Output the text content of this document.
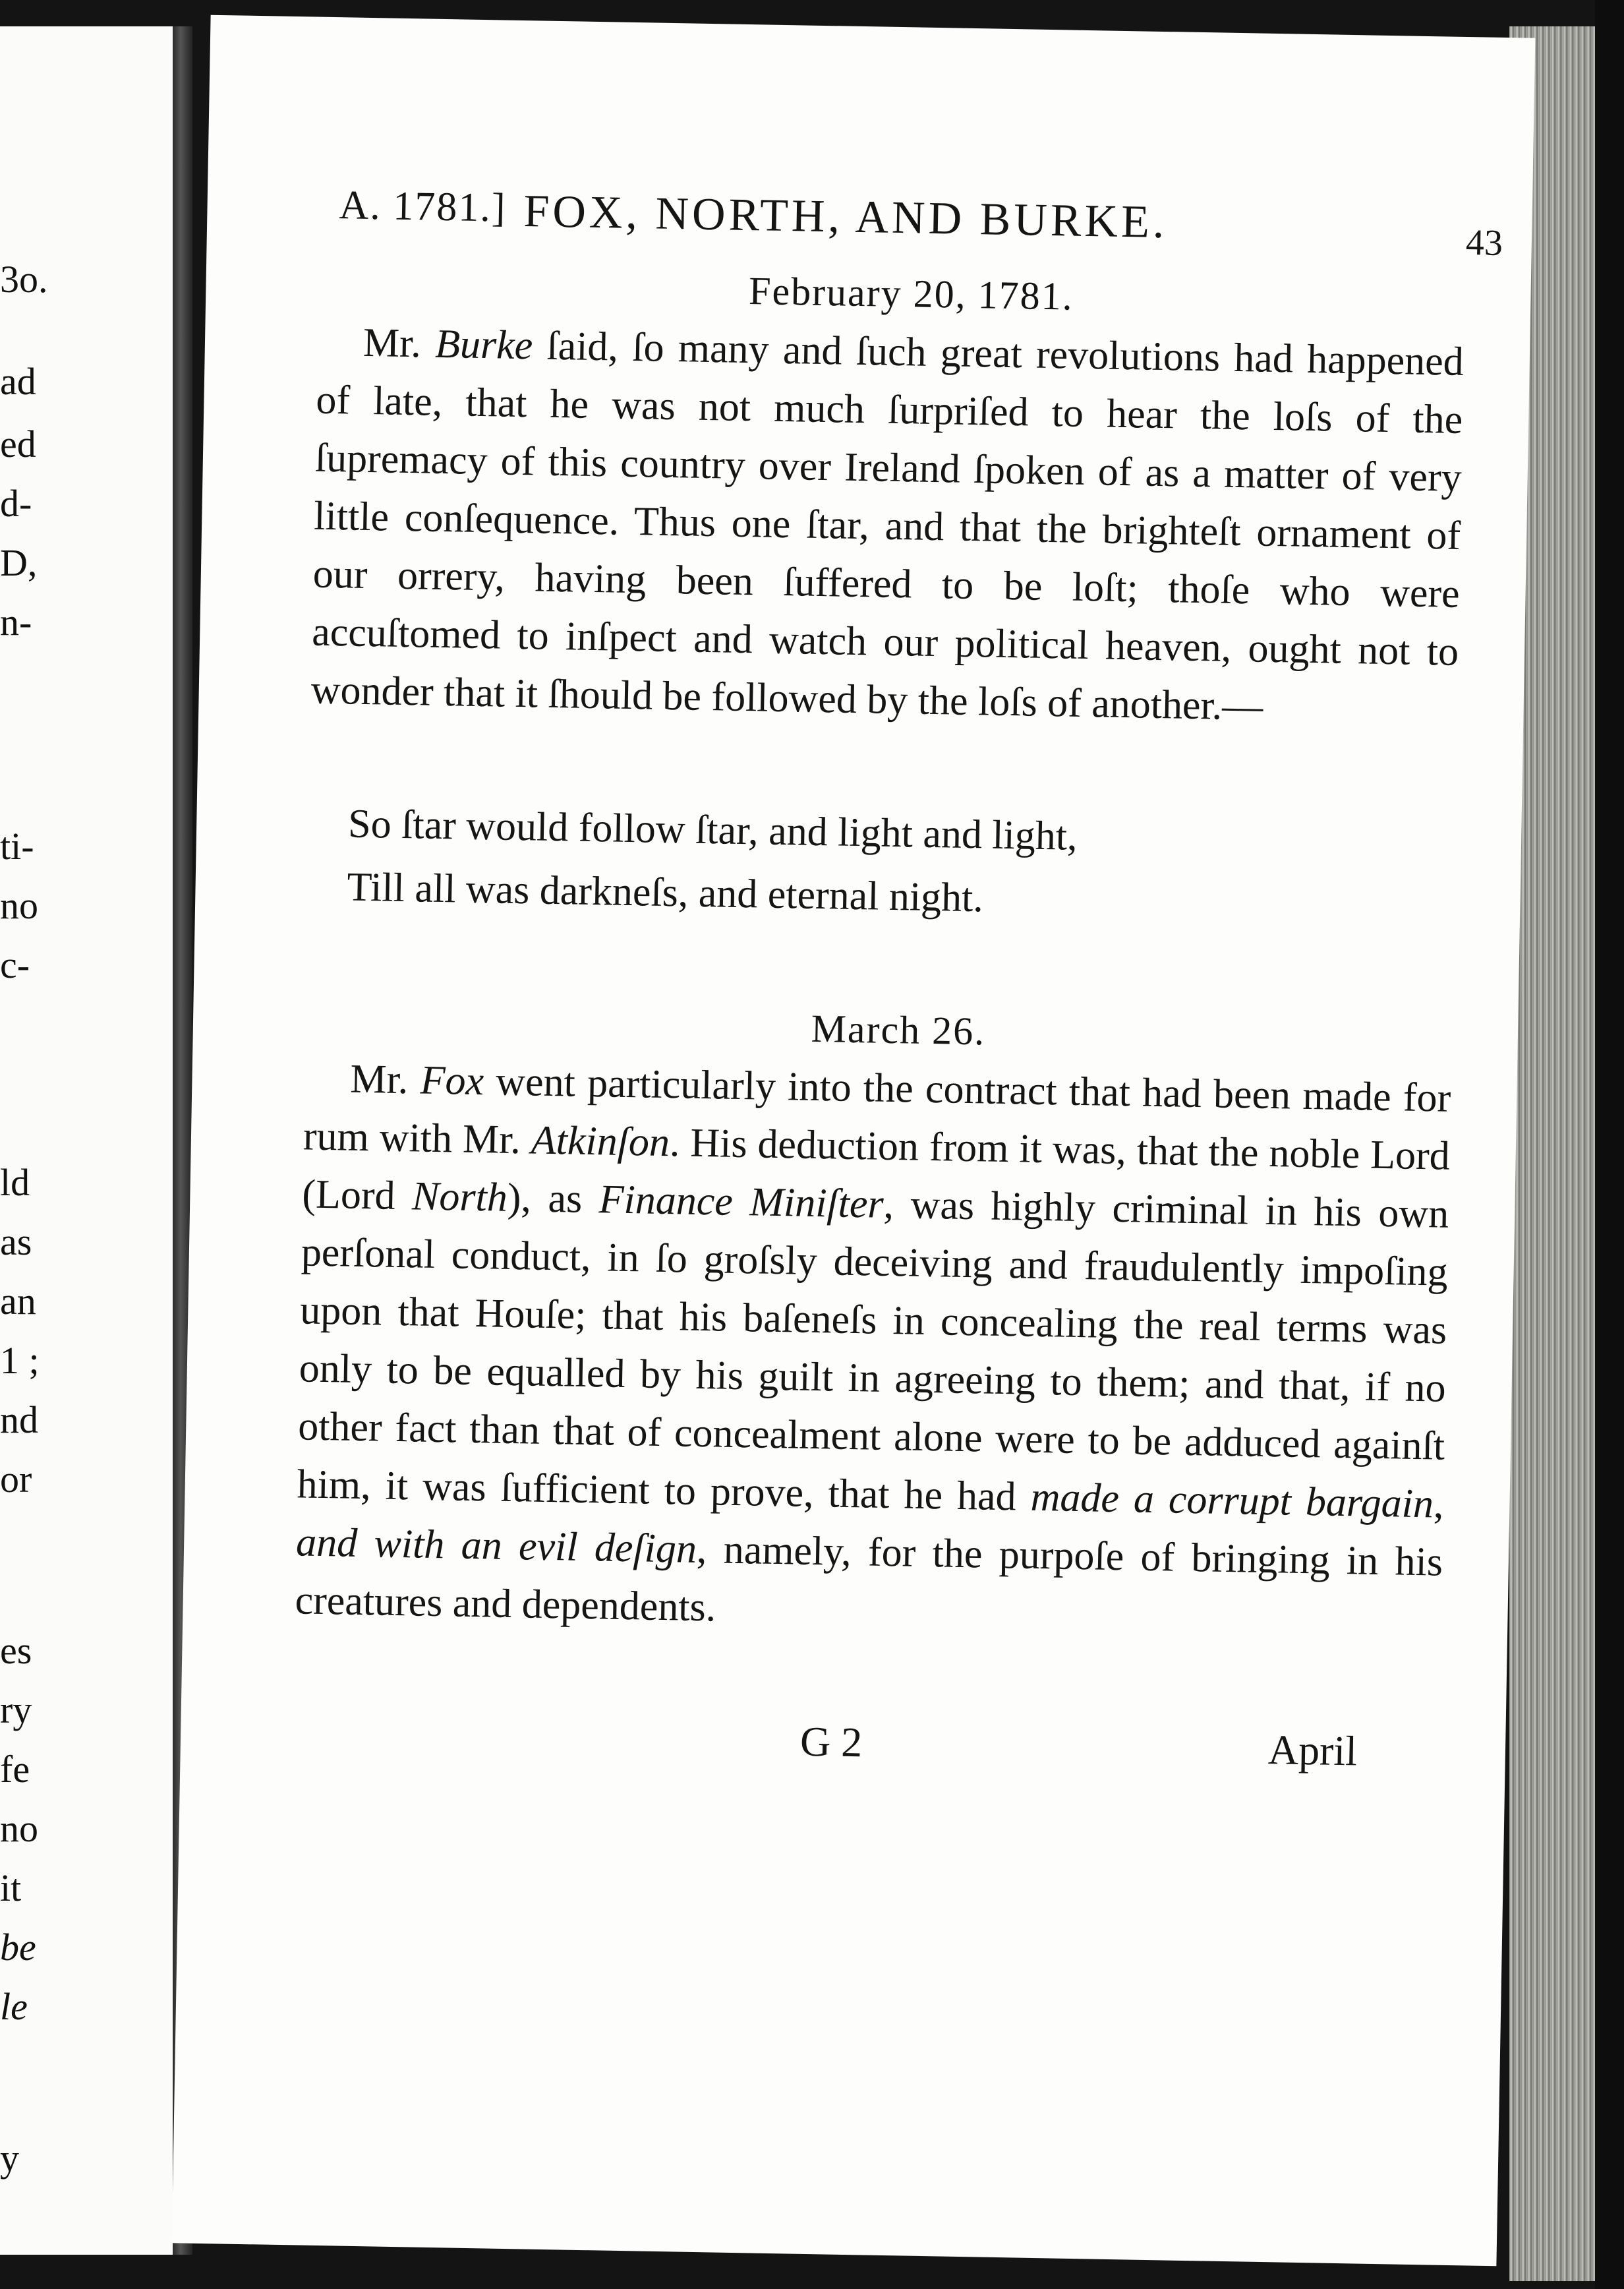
3o.
ad
ed
d-
D,
n-
ti-
no
c-
ld
as
an
1 ;
nd
or
es
ry
fe
no
it
be
le
y
A. 1781.] FOX, NORTH, AND BURKE.	43
February 20, 1781.

Mr. Burke ſaid, ſo many and ſuch great revolutions had happened of late, that he was not much ſurpriſed to hear the loſs of the ſupremacy of this country over Ireland ſpoken of as a matter of very little conſequence. Thus one ſtar, and that the brighteſt ornament of our orrery, having been ſuffered to be loſt; thoſe who were accuſtomed to inſpect and watch our political heaven, ought not to wonder that it ſhould be followed by the loſs of another.—

So ſtar would follow ſtar, and light and light,
Till all was darkneſs, and eternal night.
March 26.

Mr. Fox went particularly into the contract that had been made for rum with Mr. Atkinſon. His deduction from it was, that the noble Lord (Lord North), as Finance Miniſter, was highly criminal in his own perſonal conduct, in ſo groſsly deceiving and fraudulently impoſing upon that Houſe; that his baſeneſs in concealing the real terms was only to be equalled by his guilt in agreeing to them; and that, if no other fact than that of concealment alone were to be adduced againſt him, it was ſufficient to prove, that he had made a corrupt bargain, and with an evil deſign, namely, for the purpoſe of bringing in his creatures and dependents.

G 2	April
